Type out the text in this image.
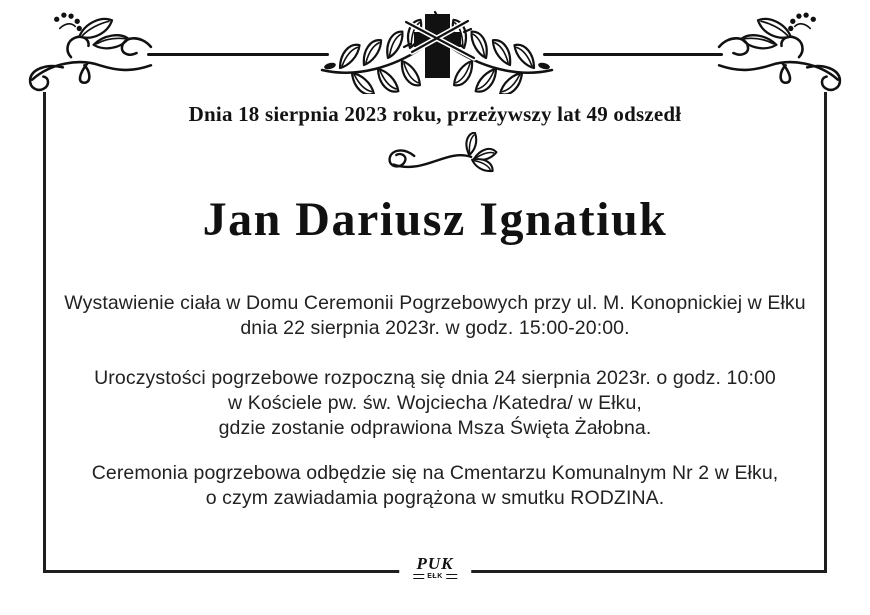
Dnia 18 sierpnia 2023 roku, przeżywszy lat 49 odszedł
Jan Dariusz Ignatiuk
Wystawienie ciała w Domu Ceremonii Pogrzebowych przy ul. M. Konopnickiej w Ełku
dnia 22 sierpnia 2023r. w godz. 15:00-20:00.
Uroczystości pogrzebowe rozpoczną się dnia 24 sierpnia 2023r. o godz. 10:00
w Kościele pw. św. Wojciecha /Katedra/ w Ełku,
gdzie zostanie odprawiona Msza Święta Żałobna.
Ceremonia pogrzebowa odbędzie się na Cmentarzu Komunalnym Nr 2 w Ełku,
o czym zawiadamia pogrążona w smutku RODZINA.
PUK
EŁK
